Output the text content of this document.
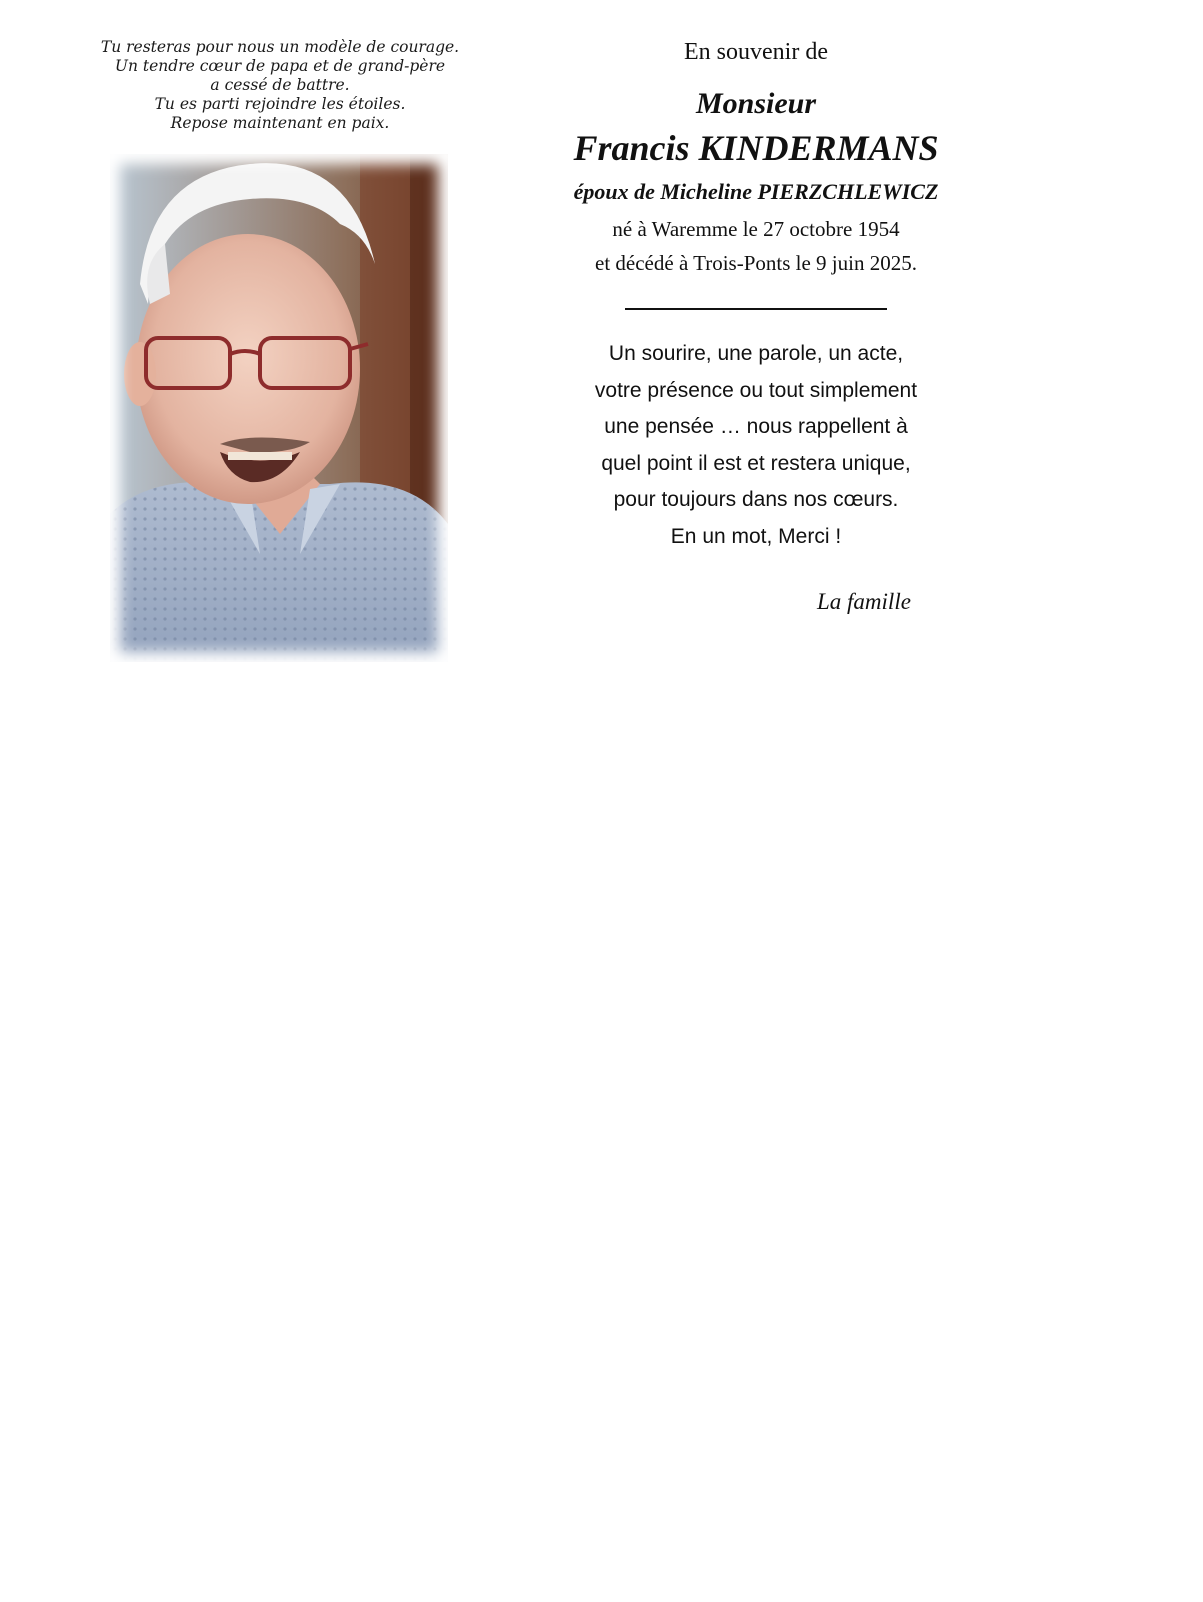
Tu resteras pour nous un modèle de courage.
Un tendre cœur de papa et de grand-père
a cessé de battre.
Tu es parti rejoindre les étoiles.
Repose maintenant en paix.
En souvenir de
Monsieur
Francis KINDERMANS
époux de Micheline PIERZCHLEWICZ
né à Waremme le 27 octobre 1954
et décédé à Trois-Ponts le 9 juin 2025.
Un sourire, une parole, un acte,
votre présence ou tout simplement
une pensée … nous rappellent à
quel point il est et restera unique,
pour toujours dans nos cœurs.
En un mot, Merci !
La famille
